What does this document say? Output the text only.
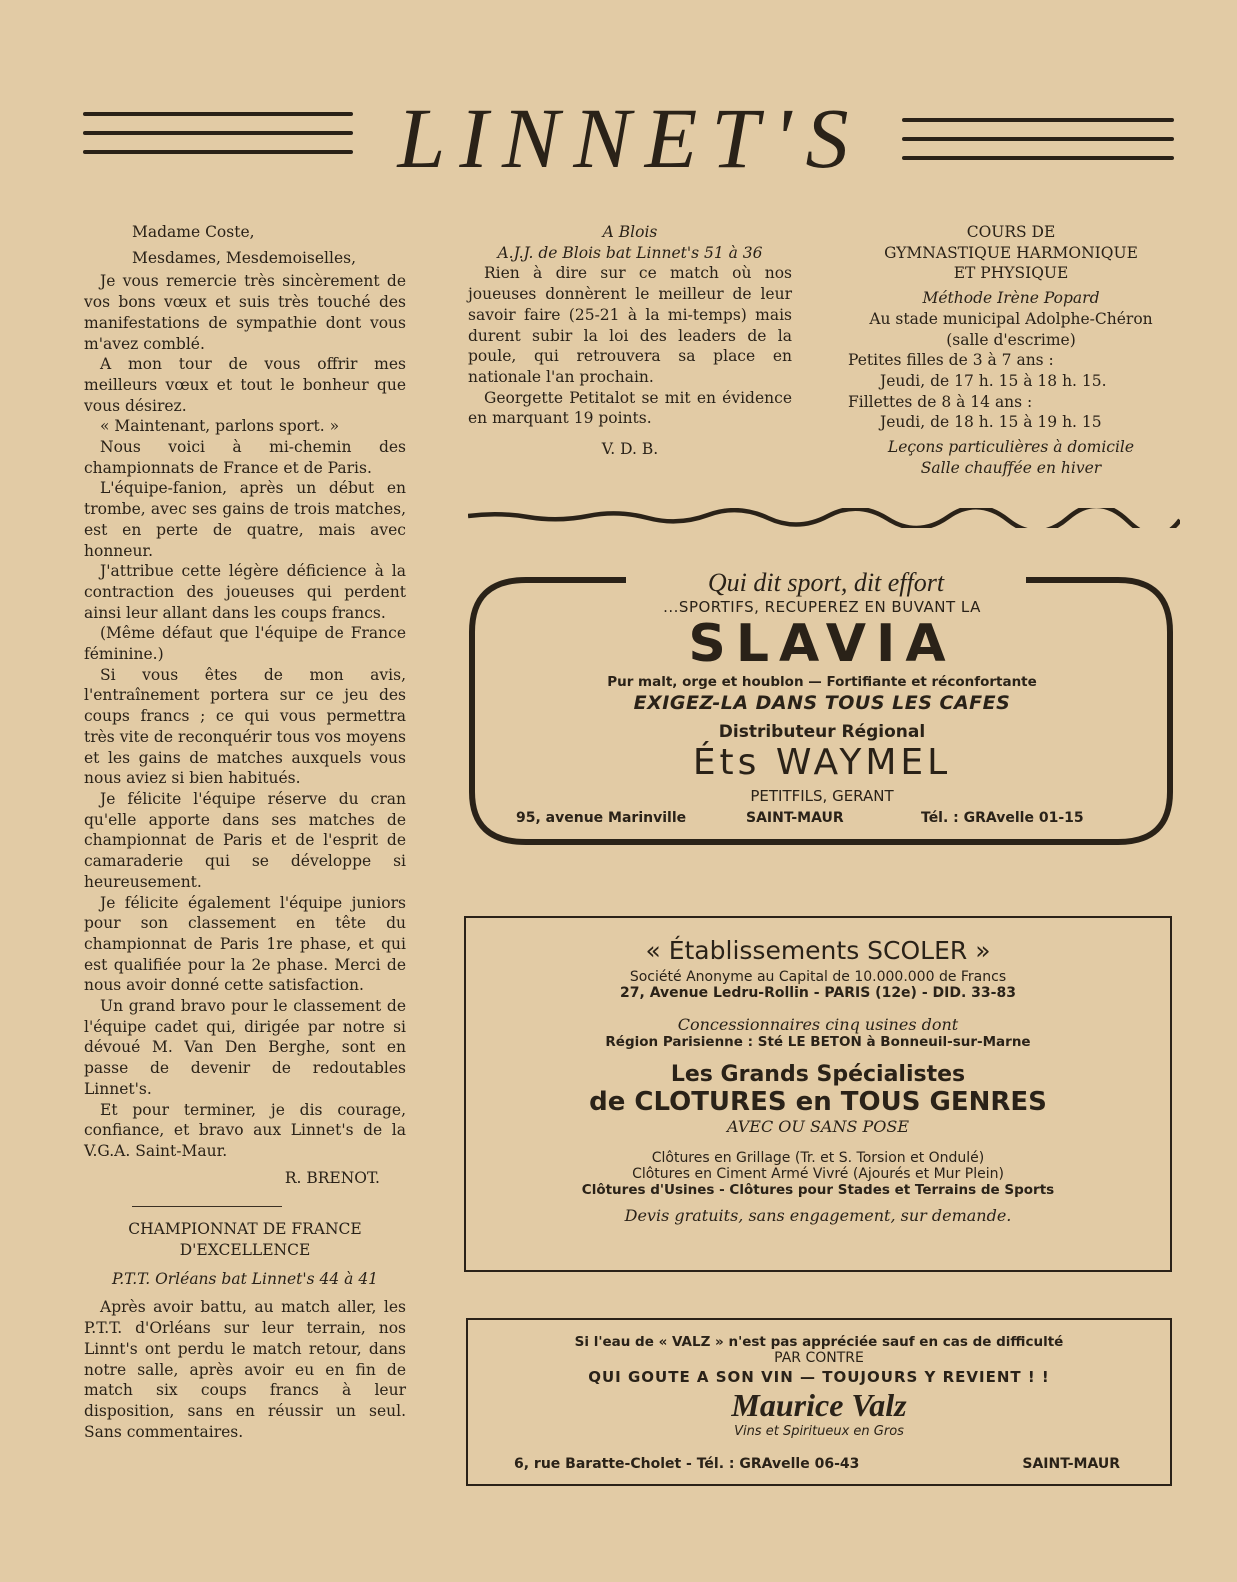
LINNET'S

Madame Coste,

Mesdames, Mesdemoiselles,

Je vous remercie très sincèrement de vos bons vœux et suis très touché des manifestations de sympathie dont vous m'avez comblé.

A mon tour de vous offrir mes meilleurs vœux et tout le bonheur que vous désirez.

« Maintenant, parlons sport. »

Nous voici à mi-chemin des championnats de France et de Paris.

L'équipe-fanion, après un début en trombe, avec ses gains de trois matches, est en perte de quatre, mais avec honneur.

J'attribue cette légère déficience à la contraction des joueuses qui perdent ainsi leur allant dans les coups francs.

(Même défaut que l'équipe de France féminine.)

Si vous êtes de mon avis, l'entraînement portera sur ce jeu des coups francs ; ce qui vous permettra très vite de reconquérir tous vos moyens et les gains de matches auxquels vous nous aviez si bien habitués.

Je félicite l'équipe réserve du cran qu'elle apporte dans ses matches de championnat de Paris et de l'esprit de camaraderie qui se développe si heureusement.

Je félicite également l'équipe juniors pour son classement en tête du championnat de Paris 1re phase, et qui est qualifiée pour la 2e phase. Merci de nous avoir donné cette satisfaction.

Un grand bravo pour le classement de l'équipe cadet qui, dirigée par notre si dévoué M. Van Den Berghe, sont en passe de devenir de redoutables Linnet's.

Et pour terminer, je dis courage, confiance, et bravo aux Linnet's de la V.G.A. Saint-Maur.

R. BRENOT.

CHAMPIONNAT DE FRANCE

D'EXCELLENCE

P.T.T. Orléans bat Linnet's 44 à 41

Après avoir battu, au match aller, les P.T.T. d'Orléans sur leur terrain, nos Linnt's ont perdu le match retour, dans notre salle, après avoir eu en fin de match six coups francs à leur disposition, sans en réussir un seul. Sans commentaires.

A Blois

A.J.J. de Blois bat Linnet's 51 à 36

Rien à dire sur ce match où nos joueuses donnèrent le meilleur de leur savoir faire (25-21 à la mi-temps) mais durent subir la loi des leaders de la poule, qui retrouvera sa place en nationale l'an prochain.

Georgette Petitalot se mit en évidence en marquant 19 points.

V. D. B.

COURS DE

GYMNASTIQUE HARMONIQUE

ET PHYSIQUE

Méthode Irène Popard

Au stade municipal Adolphe-Chéron

(salle d'escrime)

Petites filles de 3 à 7 ans :

Jeudi, de 17 h. 15 à 18 h. 15.

Fillettes de 8 à 14 ans :

Jeudi, de 18 h. 15 à 19 h. 15

Leçons particulières à domicile

Salle chauffée en hiver

Qui dit sport, dit effort
...SPORTIFS, RECUPEREZ EN BUVANT LA
SLAVIA
Pur malt, orge et houblon — Fortifiante et réconfortante
EXIGEZ-LA DANS TOUS LES CAFES
Distributeur Régional
Éts WAYMEL
PETITFILS, GERANT
95, avenue Marinville	SAINT-MAUR	Tél. : GRAvelle 01-15
« Établissements SCOLER »
Société Anonyme au Capital de 10.000.000 de Francs
27, Avenue Ledru-Rollin - PARIS (12e) - DID. 33-83
Concessionnaires cinq usines dont
Région Parisienne : Sté LE BETON à Bonneuil-sur-Marne
Les Grands Spécialistes
de CLOTURES en TOUS GENRES
AVEC OU SANS POSE
Clôtures en Grillage (Tr. et S. Torsion et Ondulé)
Clôtures en Ciment Armé Vivré (Ajourés et Mur Plein)
Clôtures d'Usines - Clôtures pour Stades et Terrains de Sports
Devis gratuits, sans engagement, sur demande.
Si l'eau de « VALZ » n'est pas appréciée sauf en cas de difficulté
PAR CONTRE
QUI GOUTE A SON VIN — TOUJOURS Y REVIENT ! !
Maurice Valz
Vins et Spiritueux en Gros
6, rue Baratte-Cholet - Tél. : GRAvelle 06-43	SAINT-MAUR
